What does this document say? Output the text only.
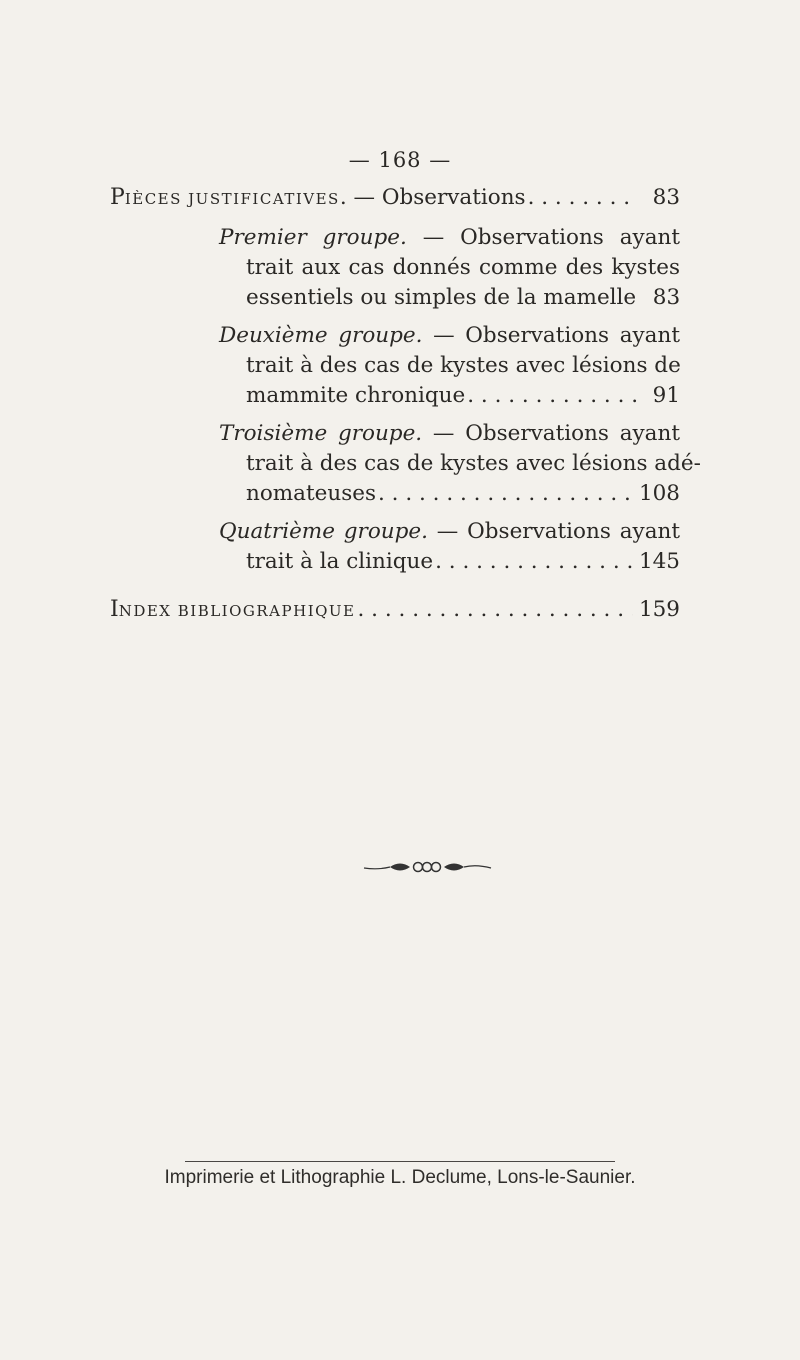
— 168 —
PIÈCES JUSTIFICATIVES. — Observations . . .	83
Premier groupe. — Observations ayant
trait aux cas donnés comme des kystes
essentiels ou simples de la mamelle 83
Deuxième groupe. — Observations ayant
trait à des cas de kystes avec lésions de
mammite chronique . . .	91
Troisième groupe. — Observations ayant
trait à des cas de kystes avec lésions adé-
nomateuses . . .	108
Quatrième groupe. — Observations ayant
trait à la clinique . . .	145
INDEX BIBLIOGRAPHIQUE . . .	159
Imprimerie et Lithographie L. Declume, Lons-le-Saunier.
